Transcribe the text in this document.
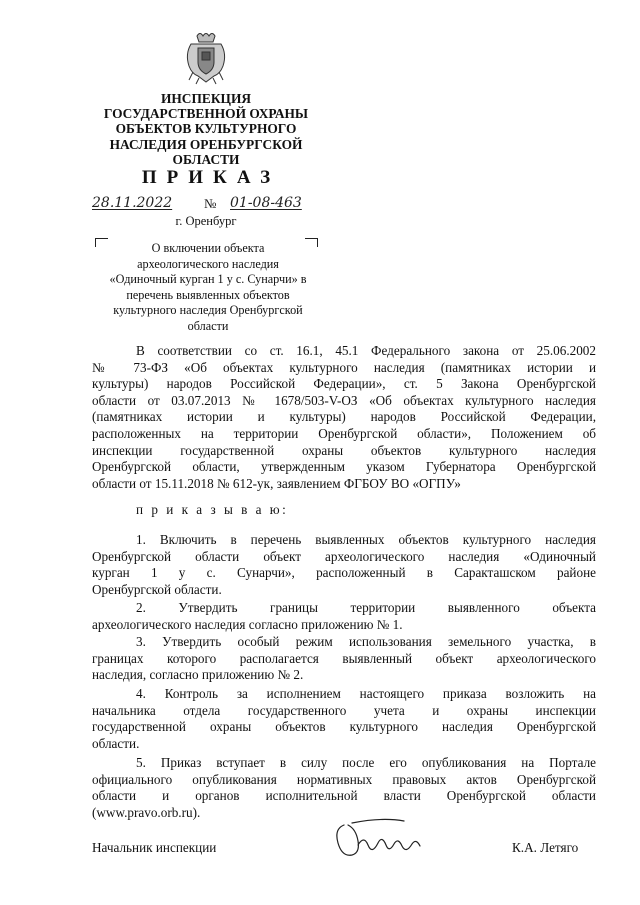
ИНСПЕКЦИЯ
ГОСУДАРСТВЕННОЙ ОХРАНЫ
ОБЪЕКТОВ КУЛЬТУРНОГО
НАСЛЕДИЯ ОРЕНБУРГСКОЙ
ОБЛАСТИ
ПРИКАЗ
28.11.2022 № 01-08-463
г. Оренбург
О включении объекта
археологического наследия
«Одиночный курган 1 у с. Сунарчи» в
перечень выявленных объектов
культурного наследия Оренбургской
области
В соответствии со ст. 16.1, 45.1 Федерального закона от 25.06.2002
№ 73-ФЗ «Об объектах культурного наследия (памятниках истории и
культуры) народов Российской Федерации», ст. 5 Закона Оренбургской
области от 03.07.2013 № 1678/503-V-ОЗ «Об объектах культурного наследия
(памятниках истории и культуры) народов Российской Федерации,
расположенных на территории Оренбургской области», Положением об
инспекции государственной охраны объектов культурного наследия
Оренбургской области, утвержденным указом Губернатора Оренбургской
области от 15.11.2018 № 612-ук, заявлением ФГБОУ ВО «ОГПУ»
п р и к а з ы в а ю:
1. Включить в перечень выявленных объектов культурного наследия
Оренбургской области объект археологического наследия «Одиночный
курган 1 у с. Сунарчи», расположенный в Саракташском районе
Оренбургской области.
2. Утвердить границы территории выявленного объекта
археологического наследия согласно приложению № 1.
3. Утвердить особый режим использования земельного участка, в
границах которого располагается выявленный объект археологического
наследия, согласно приложению № 2.
4. Контроль за исполнением настоящего приказа возложить на
начальника отдела государственного учета и охраны инспекции
государственной охраны объектов культурного наследия Оренбургской
области.
5. Приказ вступает в силу после его опубликования на Портале
официального опубликования нормативных правовых актов Оренбургской
области и органов исполнительной власти Оренбургской области
(www.pravo.orb.ru).
Начальник инспекции	К.А. Летяго
